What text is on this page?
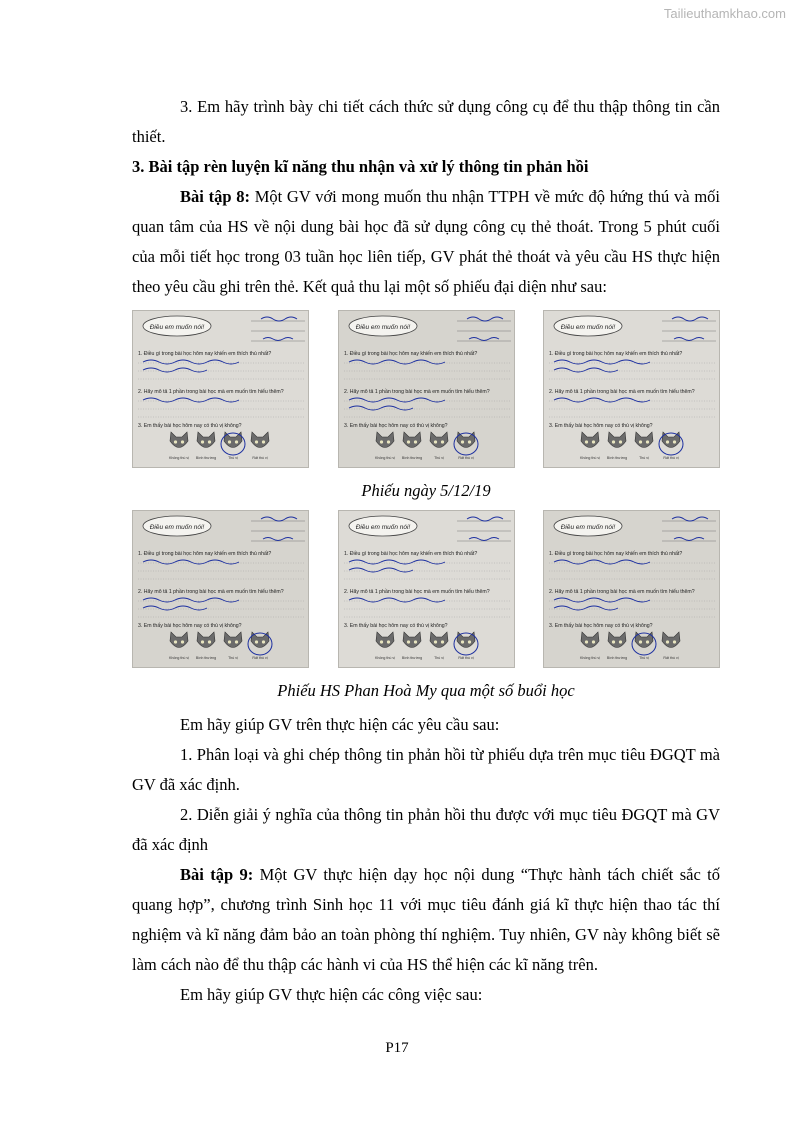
Tailieuthamkhao.com

3. Em hãy trình bày chi tiết cách thức sử dụng công cụ để thu thập thông tin cần thiết.

3. Bài tập rèn luyện kĩ năng thu nhận và xử lý thông tin phản hồi

Bài tập 8: Một GV với mong muốn thu nhận TTPH về mức độ hứng thú và mối quan tâm của HS về nội dung bài học đã sử dụng công cụ thẻ thoát. Trong 5 phút cuối của mỗi tiết học trong 03 tuần học liên tiếp, GV phát thẻ thoát và yêu cầu HS thực hiện theo yêu cầu ghi trên thẻ. Kết quả thu lại một số phiếu đại diện như sau:

Điều em muốn nói!
1. Điều gì trong bài học hôm nay khiến em thích thú nhất?
2. Hãy mô tả 1 phần trong bài học mà em muốn tìm hiểu thêm?
3. Em thấy bài học hôm nay có thú vị không?
Không thú vị Bình thường	Thú vị	Rất thú vị
Điều em muốn nói!
1. Điều gì trong bài học hôm nay khiến em thích thú nhất?
2. Hãy mô tả 1 phần trong bài học mà em muốn tìm hiểu thêm?
3. Em thấy bài học hôm nay có thú vị không?
Không thú vị Bình thường	Thú vị	Rất thú vị
Điều em muốn nói!
1. Điều gì trong bài học hôm nay khiến em thích thú nhất?
2. Hãy mô tả 1 phần trong bài học mà em muốn tìm hiểu thêm?
3. Em thấy bài học hôm nay có thú vị không?
Không thú vị Bình thường	Thú vị	Rất thú vị

Phiếu ngày 5/12/19

Điều em muốn nói!
1. Điều gì trong bài học hôm nay khiến em thích thú nhất?
2. Hãy mô tả 1 phần trong bài học mà em muốn tìm hiểu thêm?
3. Em thấy bài học hôm nay có thú vị không?
Không thú vị Bình thường	Thú vị	Rất thú vị
Điều em muốn nói!
1. Điều gì trong bài học hôm nay khiến em thích thú nhất?
2. Hãy mô tả 1 phần trong bài học mà em muốn tìm hiểu thêm?
3. Em thấy bài học hôm nay có thú vị không?
Không thú vị Bình thường	Thú vị	Rất thú vị
Điều em muốn nói!
1. Điều gì trong bài học hôm nay khiến em thích thú nhất?
2. Hãy mô tả 1 phần trong bài học mà em muốn tìm hiểu thêm?
3. Em thấy bài học hôm nay có thú vị không?
Không thú vị Bình thường	Thú vị	Rất thú vị

Phiếu HS Phan Hoà My qua một số buổi học

Em hãy giúp GV trên thực hiện các yêu cầu sau:

1. Phân loại và ghi chép thông tin phản hồi từ phiếu dựa trên mục tiêu ĐGQT mà GV đã xác định.

2. Diễn giải ý nghĩa của thông tin phản hồi thu được với mục tiêu ĐGQT mà GV đã xác định

Bài tập 9: Một GV thực hiện dạy học nội dung “Thực hành tách chiết sắc tố quang hợp”, chương trình Sinh học 11 với mục tiêu đánh giá kĩ thực hiện thao tác thí nghiệm và kĩ năng đảm bảo an toàn phòng thí nghiệm. Tuy nhiên, GV này không biết sẽ làm cách nào để thu thập các hành vi của HS thể hiện các kĩ năng trên.

Em hãy giúp GV thực hiện các công việc sau:

P17
